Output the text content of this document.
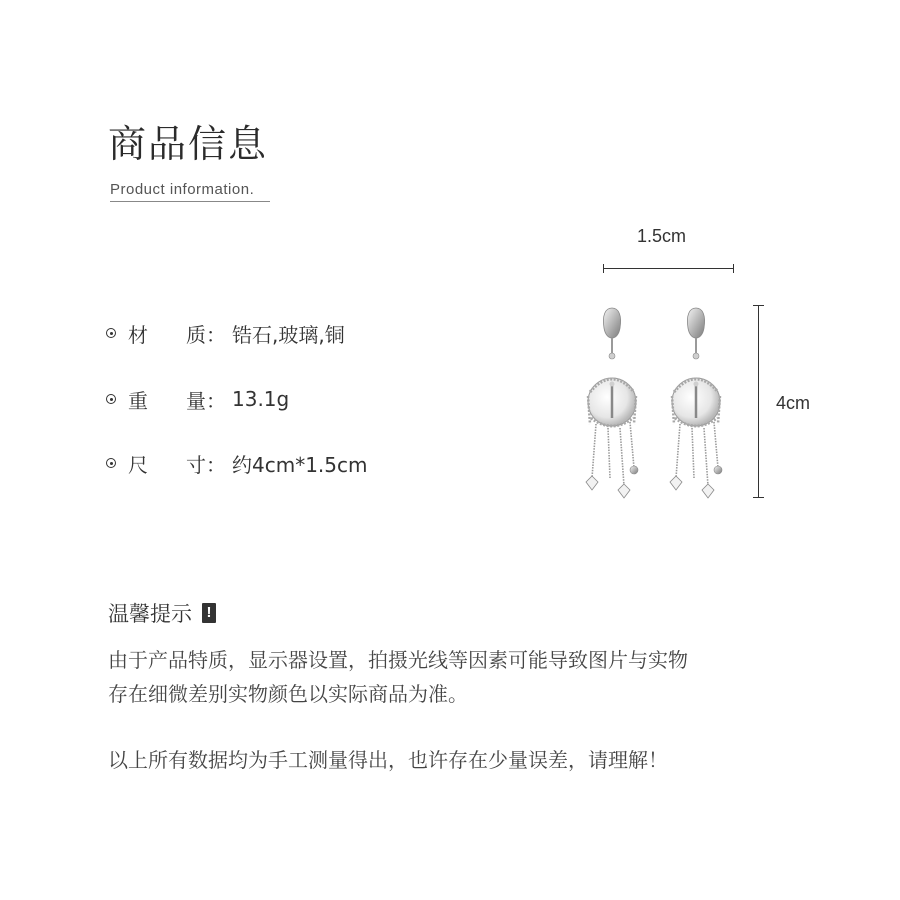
商品信息
Product information.
材	质 ： 锆石,玻璃,铜
重	量 ： 13.1g
尺	寸 ： 约4cm*1.5cm
1.5cm
4cm
温馨提示 !
由于产品特质，显示器设置，拍摄光线等因素可能导致图片与实物
存在细微差别实物颜色以实际商品为准。
以上所有数据均为手工测量得出，也许存在少量误差，请理解！
